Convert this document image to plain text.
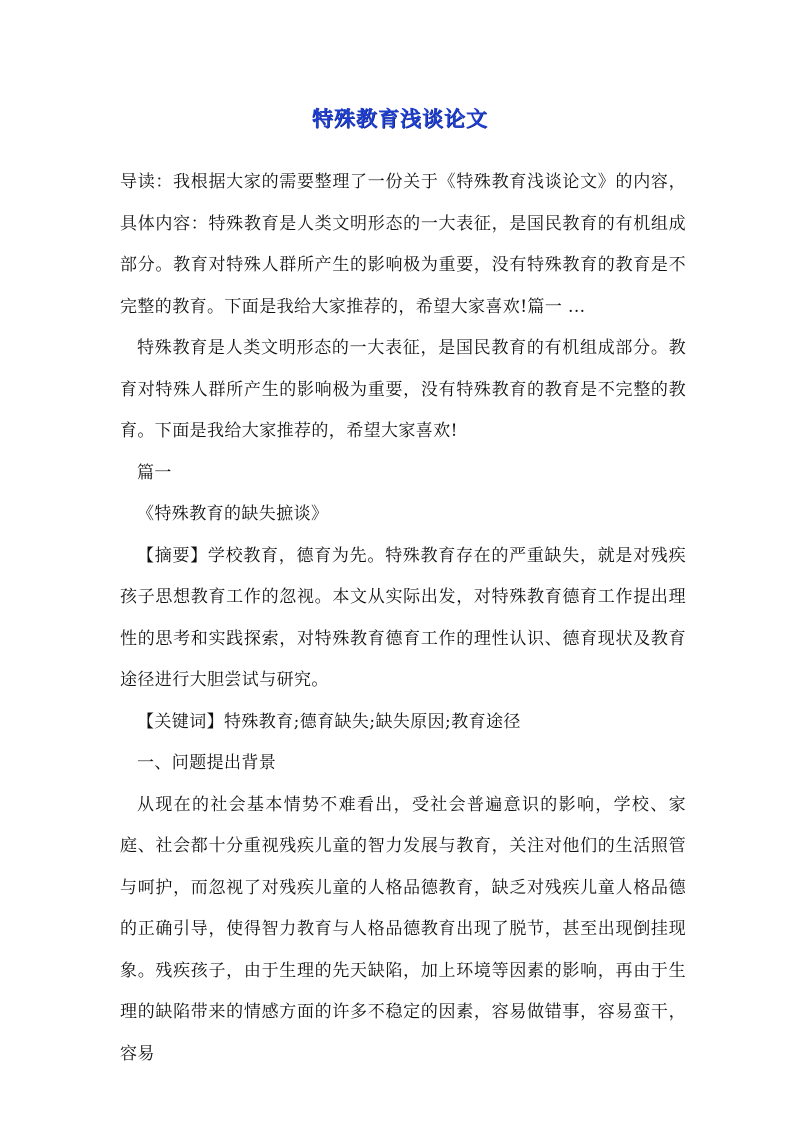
特殊教育浅谈论文

导读：我根据大家的需要整理了一份关于《特殊教育浅谈论文》的内容，具体内容：特殊教育是人类文明形态的一大表征，是国民教育的有机组成部分。教育对特殊人群所产生的影响极为重要，没有特殊教育的教育是不完整的教育。下面是我给大家推荐的，希望大家喜欢!篇一 ...

特殊教育是人类文明形态的一大表征，是国民教育的有机组成部分。教育对特殊人群所产生的影响极为重要，没有特殊教育的教育是不完整的教育。下面是我给大家推荐的，希望大家喜欢!

篇一

《特殊教育的缺失摭谈》

【摘要】学校教育，德育为先。特殊教育存在的严重缺失，就是对残疾孩子思想教育工作的忽视。本文从实际出发，对特殊教育德育工作提出理性的思考和实践探索，对特殊教育德育工作的理性认识、德育现状及教育途径进行大胆尝试与研究。

【关键词】特殊教育;德育缺失;缺失原因;教育途径

一、问题提出背景

从现在的社会基本情势不难看出，受社会普遍意识的影响，学校、家庭、社会都十分重视残疾儿童的智力发展与教育，关注对他们的生活照管与呵护，而忽视了对残疾儿童的人格品德教育，缺乏对残疾儿童人格品德的正确引导，使得智力教育与人格品德教育出现了脱节，甚至出现倒挂现象。残疾孩子，由于生理的先天缺陷，加上环境等因素的影响，再由于生理的缺陷带来的情感方面的许多不稳定的因素，容易做错事，容易蛮干，容易
